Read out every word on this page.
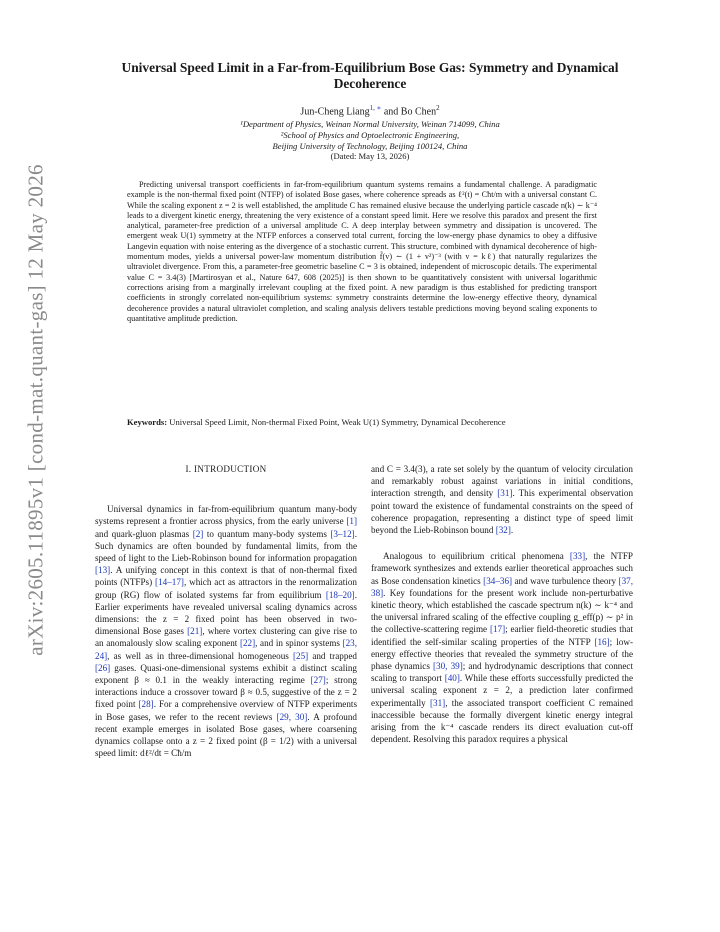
arXiv:2605.11895v1 [cond-mat.quant-gas] 12 May 2026
Universal Speed Limit in a Far-from-Equilibrium Bose Gas: Symmetry and Dynamical Decoherence
Jun-Cheng Liang$^{1, ∗}$ and Bo Chen$^2$
¹Department of Physics, Weinan Normal University, Weinan 714099, China
²School of Physics and Optoelectronic Engineering,
Beijing University of Technology, Beijing 100124, China
(Dated: May 13, 2026)

Predicting universal transport coefficients in far-from-equilibrium quantum systems remains a fundamental challenge. A paradigmatic example is the non-thermal fixed point (NTFP) of isolated Bose gases, where coherence spreads as ℓ²(t) = Cħt/m with a universal constant C. While the scaling exponent z = 2 is well established, the amplitude C has remained elusive because the underlying particle cascade n(k) ∼ k⁻⁴ leads to a divergent kinetic energy, threatening the very existence of a constant speed limit. Here we resolve this paradox and present the first analytical, parameter-free prediction of a universal amplitude C. A deep interplay between symmetry and dissipation is uncovered. The emergent weak U(1) symmetry at the NTFP enforces a conserved total current, forcing the low-energy phase dynamics to obey a diffusive Langevin equation with noise entering as the divergence of a stochastic current. This structure, combined with dynamical decoherence of high-momentum modes, yields a universal power-law momentum distribution f̃(v) ∼ (1 + v²)⁻³ (with v = kℓ) that naturally regularizes the ultraviolet divergence. From this, a parameter-free geometric baseline C = 3 is obtained, independent of microscopic details. The experimental value C = 3.4(3) [Martirosyan et al., Nature 647, 608 (2025)] is then shown to be quantitatively consistent with universal logarithmic corrections arising from a marginally irrelevant coupling at the fixed point. A new paradigm is thus established for predicting transport coefficients in strongly correlated non-equilibrium systems: symmetry constraints determine the low-energy effective theory, dynamical decoherence provides a natural ultraviolet completion, and scaling analysis delivers testable predictions moving beyond scaling exponents to quantitative amplitude prediction.

Keywords: Universal Speed Limit, Non-thermal Fixed Point, Weak U(1) Symmetry, Dynamical Decoherence
I. INTRODUCTION

Universal dynamics in far-from-equilibrium quantum many-body systems represent a frontier across physics, from the early universe [1] and quark-gluon plasmas [2] to quantum many-body systems [3–12]. Such dynamics are often bounded by fundamental limits, from the speed of light to the Lieb-Robinson bound for information propagation [13]. A unifying concept in this context is that of non-thermal fixed points (NTFPs) [14–17], which act as attractors in the renormalization group (RG) flow of isolated systems far from equilibrium [18–20]. Earlier experiments have revealed universal scaling dynamics across dimensions: the z = 2 fixed point has been observed in two-dimensional Bose gases [21], where vortex clustering can give rise to an anomalously slow scaling exponent [22], and in spinor systems [23, 24], as well as in three-dimensional homogeneous [25] and trapped [26] gases. Quasi-one-dimensional systems exhibit a distinct scaling exponent β ≈ 0.1 in the weakly interacting regime [27]; strong interactions induce a crossover toward β ≈ 0.5, suggestive of the z = 2 fixed point [28]. For a comprehensive overview of NTFP experiments in Bose gases, we refer to the recent reviews [29, 30]. A profound recent example emerges in isolated Bose gases, where coarsening dynamics collapse onto a z = 2 fixed point (β = 1/2) with a universal speed limit: dℓ²/dt = Cħ/m

and C = 3.4(3), a rate set solely by the quantum of velocity circulation and remarkably robust against variations in initial conditions, interaction strength, and density [31]. This experimental observation point toward the existence of fundamental constraints on the speed of coherence propagation, representing a distinct type of speed limit beyond the Lieb-Robinson bound [32].

Analogous to equilibrium critical phenomena [33], the NTFP framework synthesizes and extends earlier theoretical approaches such as Bose condensation kinetics [34–36] and wave turbulence theory [37, 38]. Key foundations for the present work include non-perturbative kinetic theory, which established the cascade spectrum n(k) ∼ k⁻⁴ and the universal infrared scaling of the effective coupling g_eff(p) ∼ p² in the collective-scattering regime [17]; earlier field-theoretic studies that identified the self-similar scaling properties of the NTFP [16]; low-energy effective theories that revealed the symmetry structure of the phase dynamics [30, 39]; and hydrodynamic descriptions that connect scaling to transport [40]. While these efforts successfully predicted the universal scaling exponent z = 2, a prediction later confirmed experimentally [31], the associated transport coefficient C remained inaccessible because the formally divergent kinetic energy integral arising from the k⁻⁴ cascade renders its direct evaluation cut-off dependent. Resolving this paradox requires a physical
